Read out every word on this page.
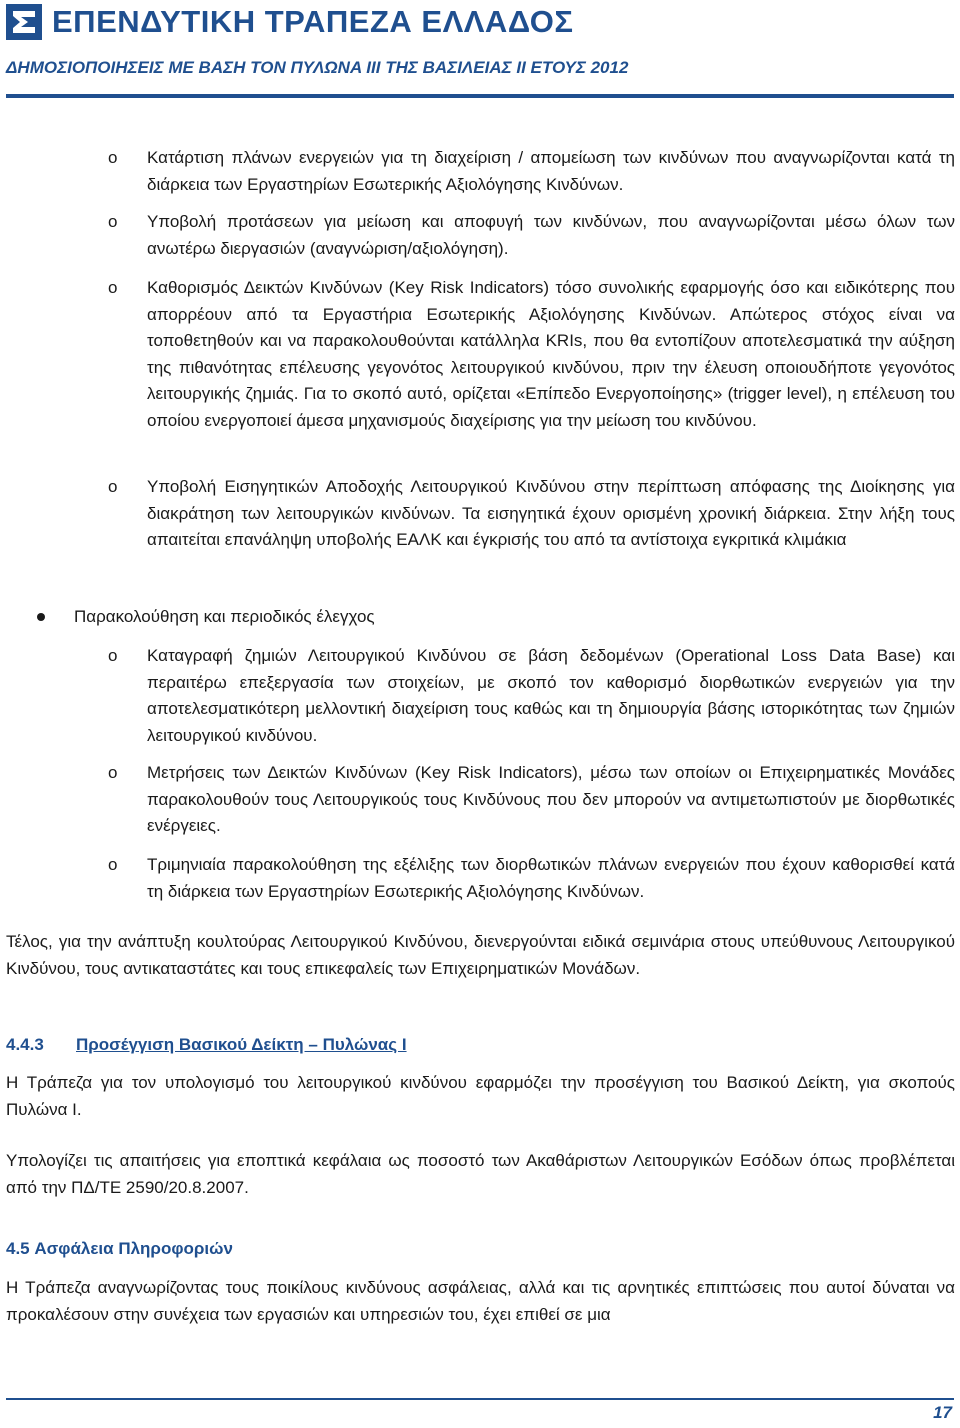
ΕΠΕΝΔΥΤΙΚΗ ΤΡΑΠΕΖΑ ΕΛΛΑΔΟΣ
ΔΗΜΟΣΙΟΠΟΙΗΣΕΙΣ ΜΕ ΒΑΣΗ ΤΟΝ ΠΥΛΩΝΑ III ΤΗΣ ΒΑΣΙΛΕΙΑΣ ΙΙ ΕΤΟΥΣ 2012
o Κατάρτιση πλάνων ενεργειών για τη διαχείριση / απομείωση των κινδύνων που αναγνωρίζονται κατά τη διάρκεια των Εργαστηρίων Εσωτερικής Αξιολόγησης Κινδύνων.
o Υποβολή προτάσεων για μείωση και αποφυγή των κινδύνων, που αναγνωρίζονται μέσω όλων των ανωτέρω διεργασιών (αναγνώριση/αξιολόγηση).
o Καθορισμός Δεικτών Κινδύνων (Key Risk Indicators) τόσο συνολικής εφαρμογής όσο και ειδικότερης που απορρέουν από τα Εργαστήρια Εσωτερικής Αξιολόγησης Κινδύνων. Απώτερος στόχος είναι να τοποθετηθούν και να παρακολουθούνται κατάλληλα KRIs, που θα εντοπίζουν αποτελεσματικά την αύξηση της πιθανότητας επέλευσης γεγονότος λειτουργικού κινδύνου, πριν την έλευση οποιουδήποτε γεγονότος λειτουργικής ζημιάς. Για το σκοπό αυτό, ορίζεται «Επίπεδο Ενεργοποίησης» (trigger level), η επέλευση του οποίου ενεργοποιεί άμεσα μηχανισμούς διαχείρισης για την μείωση του κινδύνου.
o Υποβολή Εισηγητικών Αποδοχής Λειτουργικού Κινδύνου στην περίπτωση απόφασης της Διοίκησης για διακράτηση των λειτουργικών κινδύνων. Τα εισηγητικά έχουν ορισμένη χρονική διάρκεια. Στην λήξη τους απαιτείται επανάληψη υποβολής ΕΑΛΚ και έγκρισής του από τα αντίστοιχα εγκριτικά κλιμάκια
Παρακολούθηση και περιοδικός έλεγχος
o Καταγραφή ζημιών Λειτουργικού Κινδύνου σε βάση δεδομένων (Operational Loss Data Base) και περαιτέρω επεξεργασία των στοιχείων, με σκοπό τον καθορισμό διορθωτικών ενεργειών για την αποτελεσματικότερη μελλοντική διαχείριση τους καθώς και τη δημιουργία βάσης ιστορικότητας των ζημιών λειτουργικού κινδύνου.
o Μετρήσεις των Δεικτών Κινδύνων (Key Risk Indicators), μέσω των οποίων οι Επιχειρηματικές Μονάδες παρακολουθούν τους Λειτουργικούς τους Κινδύνους που δεν μπορούν να αντιμετωπιστούν με διορθωτικές ενέργειες.
o Τριμηνιαία παρακολούθηση της εξέλιξης των διορθωτικών πλάνων ενεργειών που έχουν καθορισθεί κατά τη διάρκεια των Εργαστηρίων Εσωτερικής Αξιολόγησης Κινδύνων.
Τέλος, για την ανάπτυξη κουλτούρας Λειτουργικού Κινδύνου, διενεργούνται ειδικά σεμινάρια στους υπεύθυνους Λειτουργικού Κινδύνου, τους αντικαταστάτες και τους επικεφαλείς των Επιχειρηματικών Μονάδων.
4.4.3 Προσέγγιση Βασικού Δείκτη – Πυλώνας Ι
Η Τράπεζα για τον υπολογισμό του λειτουργικού κινδύνου εφαρμόζει την προσέγγιση του Βασικού Δείκτη, για σκοπούς Πυλώνα Ι.
Υπολογίζει τις απαιτήσεις για εποπτικά κεφάλαια ως ποσοστό των Ακαθάριστων Λειτουργικών Εσόδων όπως προβλέπεται από την ΠΔ/ΤΕ 2590/20.8.2007.
4.5 Ασφάλεια Πληροφοριών
Η Τράπεζα αναγνωρίζοντας τους ποικίλους κινδύνους ασφάλειας, αλλά και τις αρνητικές επιπτώσεις που αυτοί δύναται να προκαλέσουν στην συνέχεια των εργασιών και υπηρεσιών του, έχει επιθεί σε μια
17
